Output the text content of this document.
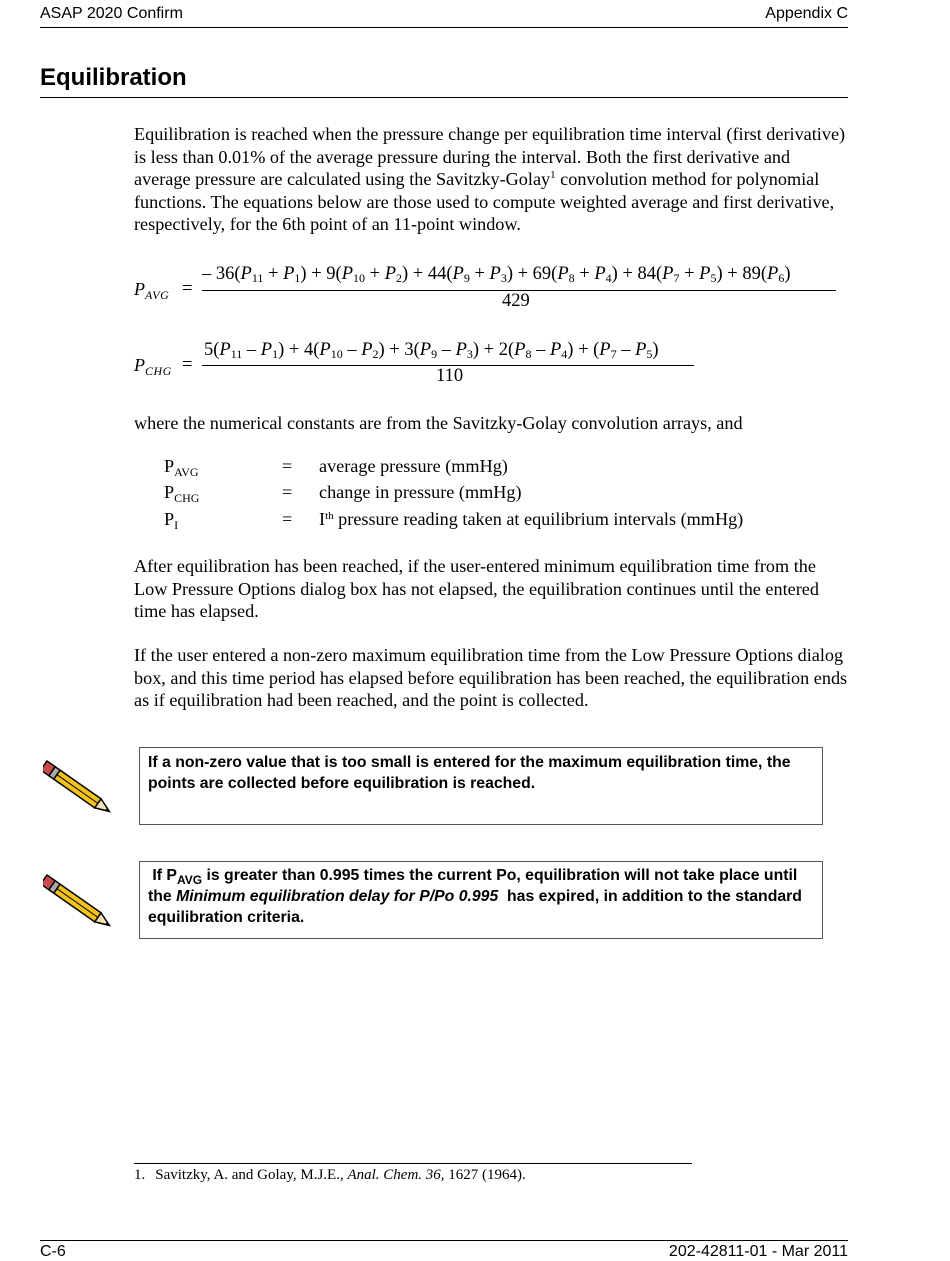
ASAP 2020 Confirm	Appendix C
Equilibration

Equilibration is reached when the pressure change per equilibration time interval (first derivative) is less than 0.01% of the average pressure during the interval. Both the first derivative and average pressure are calculated using the Savitzky-Golay$^1$ convolution method for polynomial functions. The equations below are those used to compute weighted average and first derivative, respectively, for the 6th point of an 11-point window.

$P_{AVG}$ =
– $36(P_{11} + P_1) + 9(P_{10} + P_2) + 44(P_9 + P_3) + 69(P_8 + P_4) + 84(P_7 + P_5) + 89(P_6)$
429
$P_{CHG}$ =
$5(P_{11} - P_1) + 4(P_{10} - P_2) + 3(P_9 - P_3) + 2(P_8 - P_4) + (P_7 - P_5)$
110
where the numerical constants are from the Savitzky-Golay convolution arrays, and
$P_{AVG}$	= average pressure (mmHg)
$P_{CHG}$	= change in pressure (mmHg)
$P_I$	= Ith pressure reading taken at equilibrium intervals (mmHg)
After equilibration has been reached, if the user-entered minimum equilibration time from the Low Pressure Options dialog box has not elapsed, the equilibration continues until the entered time has elapsed.
If the user entered a non-zero maximum equilibration time from the Low Pressure Options dialog box, and this time period has elapsed before equilibration has been reached, the equilibration ends as if equilibration had been reached, and the point is collected.
If a non-zero value that is too small is entered for the maximum equilibration time, the points are collected before equilibration is reached.
If $P_{AVG}$ is greater than 0.995 times the current Po, equilibration will not take place until the Minimum equilibration delay for P/Po 0.995  has expired, in addition to the standard equilibration criteria.
1. Savitzky, A. and Golay, M.J.E., Anal. Chem. 36, 1627 (1964).
C-6	202-42811-01 - Mar 2011
